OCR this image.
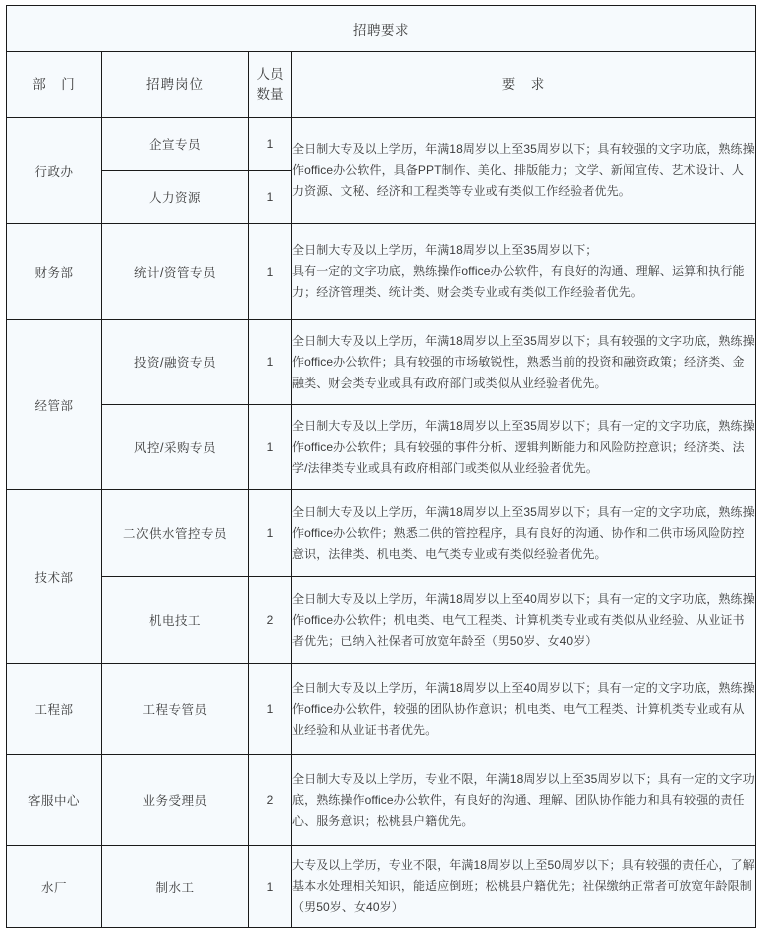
招聘要求			
部　门	招聘岗位	人员数量	要　求
行政办	企宣专员	1	全日制大专及以上学历，年满18周岁以上至35周岁以下；具有较强的文字功底，熟练操作office办公软件，具备PPT制作、美化、排版能力；文学、新闻宣传、艺术设计、人力资源、文秘、经济和工程类等专业或有类似工作经验者优先。
	人力资源	1	
财务部	统计/资管专员	1	全日制大专及以上学历，年满18周岁以上至35周岁以下；

具有一定的文字功底，熟练操作office办公软件，有良好的沟通、理解、运算和执行能力；经济管理类、统计类、财会类专业或有类似工作经验者优先。

经管部	投资/融资专员	1	全日制大专及以上学历，年满18周岁以上至35周岁以下；具有较强的文字功底，熟练操作office办公软件；具有较强的市场敏锐性，熟悉当前的投资和融资政策；经济类、金融类、财会类专业或具有政府部门或类似从业经验者优先。

	风控/采购专员	1	全日制大专及以上学历，年满18周岁以上至35周岁以下；具有一定的文字功底，熟练操作office办公软件；具有较强的事件分析、逻辑判断能力和风险防控意识；经济类、法学/法律类专业或具有政府相部门或类似从业经验者优先。

技术部	二次供水管控专员	1	全日制大专及以上学历，年满18周岁以上至35周岁以下；具有一定的文字功底，熟练操作office办公软件；熟悉二供的管控程序，具有良好的沟通、协作和二供市场风险防控意识，法律类、机电类、电气类专业或有类似经验者优先。

	机电技工	2	全日制大专及以上学历，年满18周岁以上至40周岁以下；具有一定的文字功底，熟练操作office办公软件；机电类、电气工程类、计算机类专业或有类似从业经验、从业证书者优先；已纳入社保者可放宽年龄至（男50岁、女40岁）

工程部	工程专管员	1	全日制大专及以上学历，年满18周岁以上至40周岁以下；具有一定的文字功底，熟练操作office办公软件，较强的团队协作意识；机电类、电气工程类、计算机类专业或有从业经验和从业证书者优先。

客服中心	业务受理员	2	全日制大专及以上学历，专业不限，年满18周岁以上至35周岁以下；具有一定的文字功底，熟练操作office办公软件，有良好的沟通、理解、团队协作能力和具有较强的责任心、服务意识；松桃县户籍优先。

水厂	制水工	1	大专及以上学历，专业不限，年满18周岁以上至50周岁以下；具有较强的责任心，了解基本水处理相关知识，能适应倒班；松桃县户籍优先；社保缴纳正常者可放宽年龄限制（男50岁、女40岁）
